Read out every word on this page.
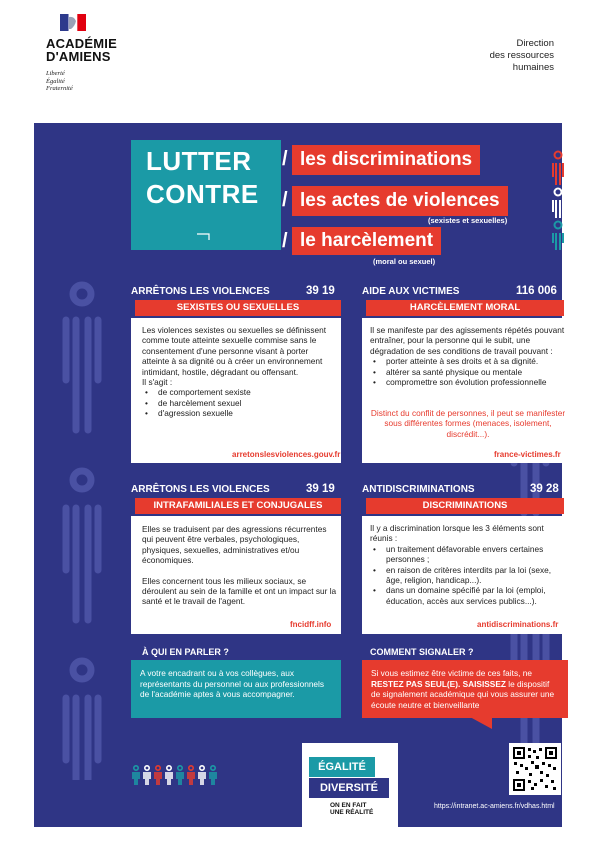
ACADÉMIE
D'AMIENS
Liberté
Égalité
Fraternité
Direction
des ressources
humaines
LUTTER
CONTRE
/ les discriminations
/ les actes de violences
(sexistes et sexuelles)
/ le harcèlement
(moral ou sexuel)
ARRÊTONS LES VIOLENCES	39 19
SEXISTES OU SEXUELLES

Les violences sexistes ou sexuelles se définissent comme toute atteinte sexuelle commise sans le consentement d'une personne visant à porter atteinte à sa dignité ou à créer un environnement intimidant, hostile, dégradant ou offensant.

Il s'agit :

• de comportement sexiste
• de harcèlement sexuel
• d'agression sexuelle
arretonslesviolences.gouv.fr
AIDE AUX VICTIMES	116 006
HARCÈLEMENT MORAL

Il se manifeste par des agissements répétés pouvant entraîner, pour la personne qui le subit, une dégradation de ses conditions de travail pouvant :

• porter atteinte à ses droits et à sa dignité.
• altérer sa santé physique ou mentale
• compromettre son évolution professionnelle
Distinct du conflit de personnes, il peut se manifester sous différentes formes (menaces, isolement, discrédit...).
france-victimes.fr
ARRÊTONS LES VIOLENCES	39 19
INTRAFAMILIALES ET CONJUGALES

Elles se traduisent par des agressions récurrentes qui peuvent être verbales, psychologiques, physiques, sexuelles, administratives et/ou économiques.

Elles concernent tous les milieux sociaux, se déroulent au sein de la famille et ont un impact sur la santé et le travail de l'agent.

fncidff.info
ANTIDISCRIMINATIONS	39 28
DISCRIMINATIONS

Il y a discrimination lorsque les 3 éléments sont réunis :

• un traitement défavorable envers certaines personnes ;
• en raison de critères interdits par la loi (sexe, âge, religion, handicap...).
• dans un domaine spécifié par la loi (emploi, éducation, accès aux services publics...).
antidiscriminations.fr
À QUI EN PARLER ?
A votre encadrant ou à vos collègues, aux représentants du personnel ou aux professionnels de l'académie aptes à vous accompagner.
COMMENT SIGNALER ?
Si vous estimez être victime de ces faits, ne RESTEZ PAS SEUL(E). SAISISSEZ le dispositif de signalement académique qui vous assurer une écoute neutre et bienveillante
ÉGALITÉ
DIVERSITÉ
ON EN FAIT
UNE RÉALITÉ
https://intranet.ac-amiens.fr/vdhas.html
